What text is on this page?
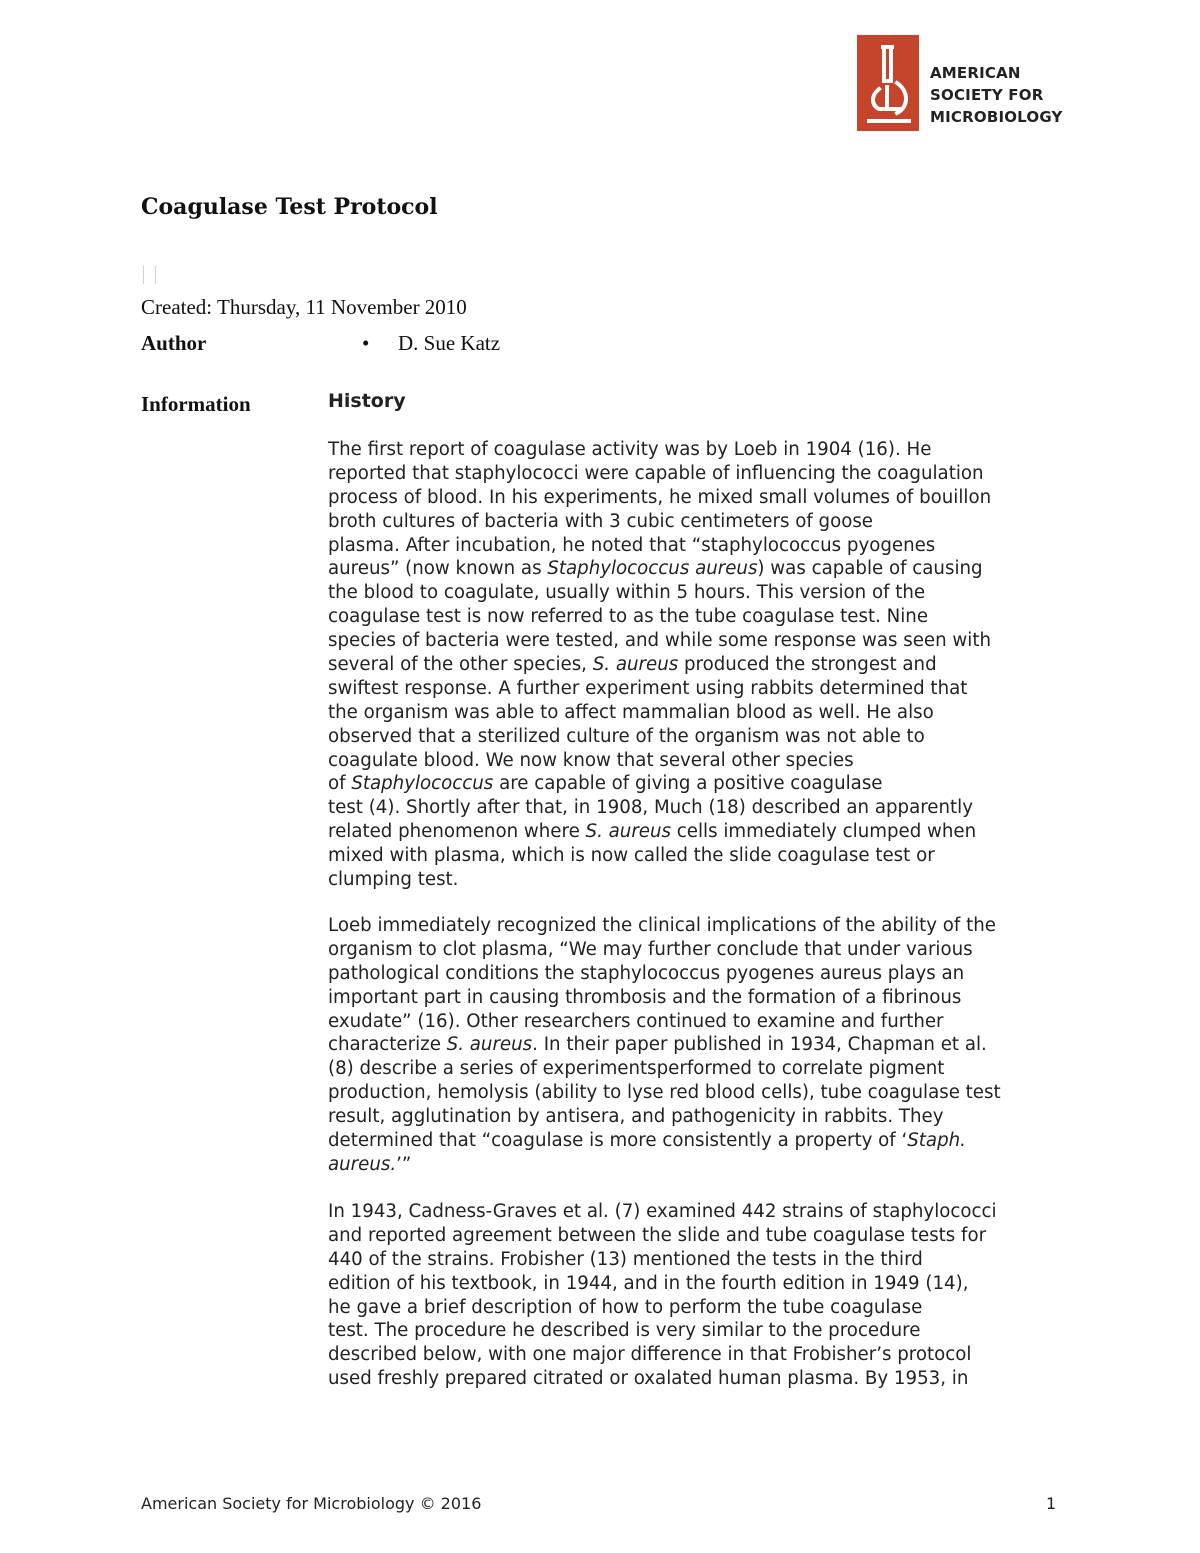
AMERICAN
SOCIETY FOR
MICROBIOLOGY
Coagulase Test Protocol
Created: Thursday, 11 November 2010
Author	• D. Sue Katz
Information	History
The first report of coagulase activity was by Loeb in 1904 (16). He
reported that staphylococci were capable of influencing the coagulation
process of blood. In his experiments, he mixed small volumes of bouillon
broth cultures of bacteria with 3 cubic centimeters of goose
plasma. After incubation, he noted that “staphylococcus pyogenes
aureus” (now known as Staphylococcus aureus) was capable of causing
the blood to coagulate, usually within 5 hours. This version of the
coagulase test is now referred to as the tube coagulase test. Nine
species of bacteria were tested, and while some response was seen with
several of the other species, S. aureus produced the strongest and
swiftest response. A further experiment using rabbits determined that
the organism was able to affect mammalian blood as well. He also
observed that a sterilized culture of the organism was not able to
coagulate blood. We now know that several other species
of Staphylococcus are capable of giving a positive coagulase
test (4). Shortly after that, in 1908, Much (18) described an apparently
related phenomenon where S. aureus cells immediately clumped when
mixed with plasma, which is now called the slide coagulase test or
clumping test.
Loeb immediately recognized the clinical implications of the ability of the
organism to clot plasma, “We may further conclude that under various
pathological conditions the staphylococcus pyogenes aureus plays an
important part in causing thrombosis and the formation of a fibrinous
exudate” (16). Other researchers continued to examine and further
characterize S. aureus. In their paper published in 1934, Chapman et al.
(8) describe a series of experimentsperformed to correlate pigment
production, hemolysis (ability to lyse red blood cells), tube coagulase test
result, agglutination by antisera, and pathogenicity in rabbits. They
determined that “coagulase is more consistently a property of ‘Staph.
aureus.’”
In 1943, Cadness-Graves et al. (7) examined 442 strains of staphylococci
and reported agreement between the slide and tube coagulase tests for
440 of the strains. Frobisher (13) mentioned the tests in the third
edition of his textbook, in 1944, and in the fourth edition in 1949 (14),
he gave a brief description of how to perform the tube coagulase
test. The procedure he described is very similar to the procedure
described below, with one major difference in that Frobisher’s protocol
used freshly prepared citrated or oxalated human plasma. By 1953, in
American Society for Microbiology © 2016	1
